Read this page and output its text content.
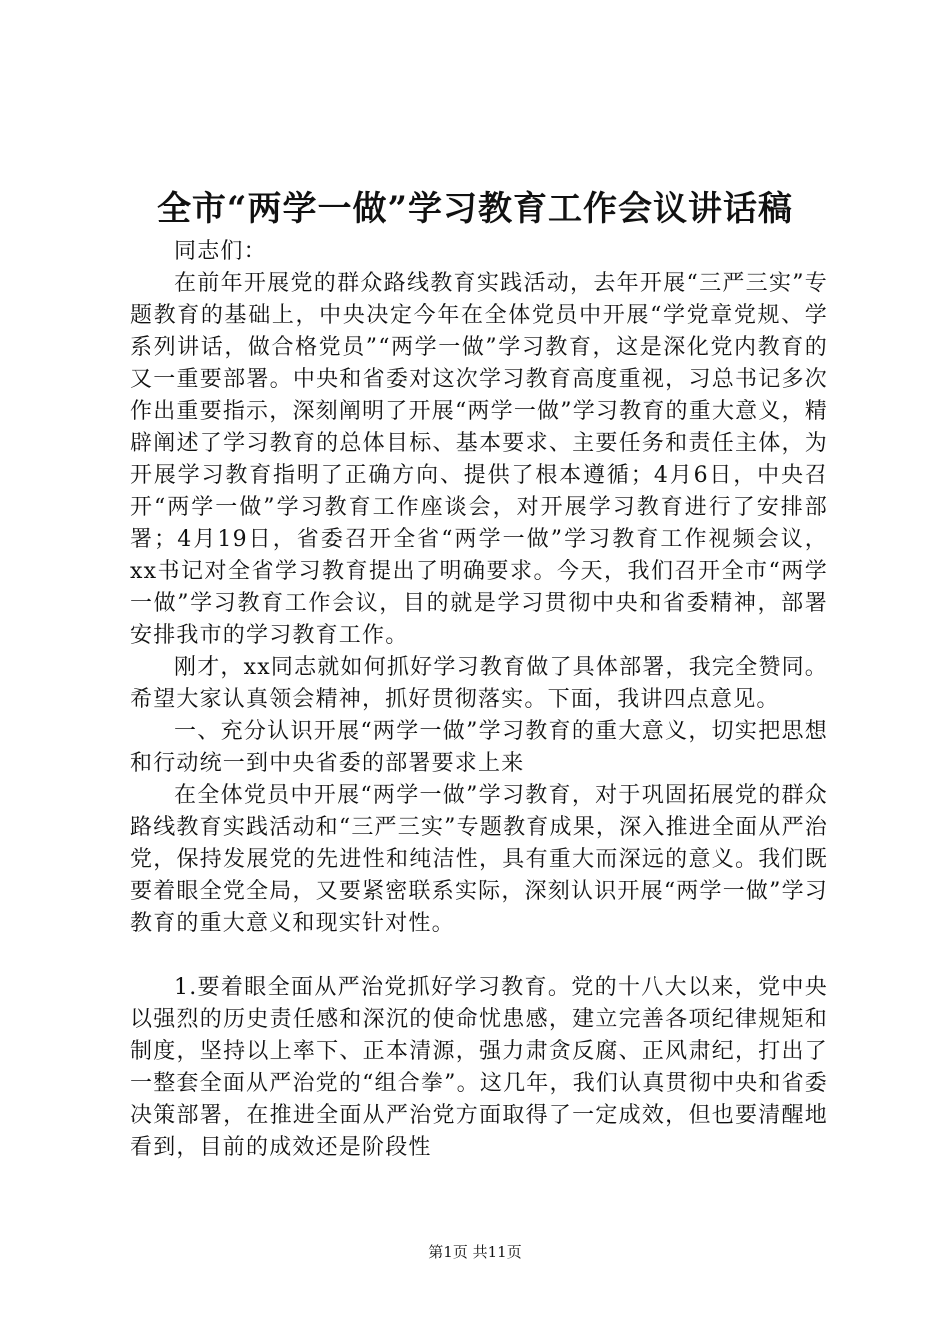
全市“两学一做”学习教育工作会议讲话稿

同志们：

在前年开展党的群众路线教育实践活动，去年开展“三严三实”专题教育的基础上，中央决定今年在全体党员中开展“学党章党规、学系列讲话，做合格党员”“两学一做”学习教育，这是深化党内教育的又一重要部署。中央和省委对这次学习教育高度重视，习总书记多次作出重要指示，深刻阐明了开展“两学一做”学习教育的重大意义，精辟阐述了学习教育的总体目标、基本要求、主要任务和责任主体，为开展学习教育指明了正确方向、提供了根本遵循；4月6日，中央召开“两学一做”学习教育工作座谈会，对开展学习教育进行了安排部署；4月19日，省委召开全省“两学一做”学习教育工作视频会议，xx书记对全省学习教育提出了明确要求。今天，我们召开全市“两学一做”学习教育工作会议，目的就是学习贯彻中央和省委精神，部署安排我市的学习教育工作。

刚才，xx同志就如何抓好学习教育做了具体部署，我完全赞同。希望大家认真领会精神，抓好贯彻落实。下面，我讲四点意见。

一、充分认识开展“两学一做”学习教育的重大意义，切实把思想和行动统一到中央省委的部署要求上来

在全体党员中开展“两学一做”学习教育，对于巩固拓展党的群众路线教育实践活动和“三严三实”专题教育成果，深入推进全面从严治党，保持发展党的先进性和纯洁性，具有重大而深远的意义。我们既要着眼全党全局，又要紧密联系实际，深刻认识开展“两学一做”学习教育的重大意义和现实针对性。

1.要着眼全面从严治党抓好学习教育。党的十八大以来，党中央以强烈的历史责任感和深沉的使命忧患感，建立完善各项纪律规矩和制度，坚持以上率下、正本清源，强力肃贪反腐、正风肃纪，打出了一整套全面从严治党的“组合拳”。这几年，我们认真贯彻中央和省委决策部署，在推进全面从严治党方面取得了一定成效，但也要清醒地看到，目前的成效还是阶段性

第1页 共11页
